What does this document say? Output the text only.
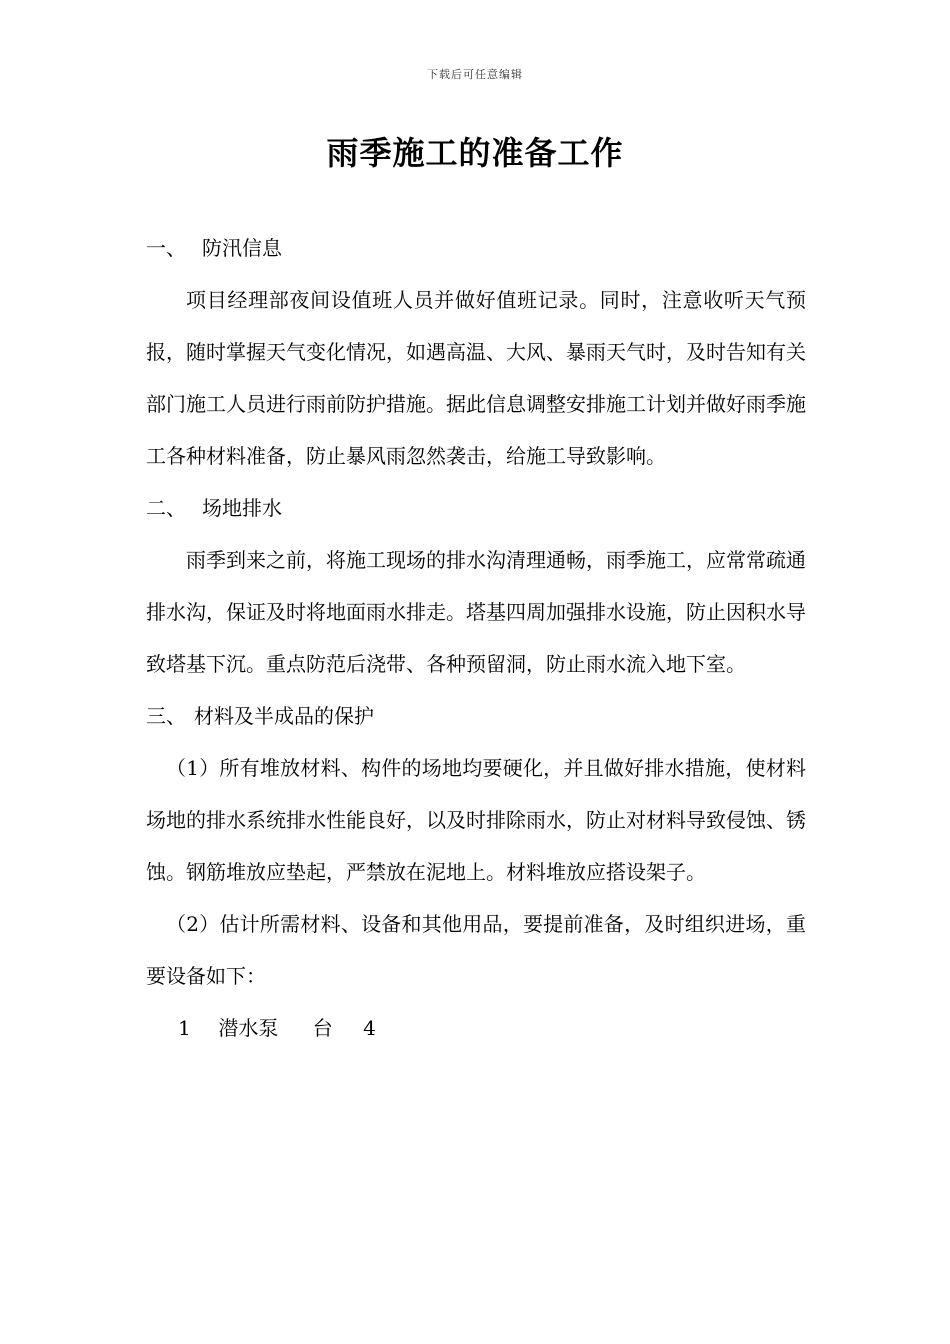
下载后可任意编辑
雨季施工的准备工作
一、 防汛信息

项目经理部夜间设值班人员并做好值班记录。同时，注意收听天气预报，随时掌握天气变化情况，如遇高温、大风、暴雨天气时，及时告知有关部门施工人员进行雨前防护措施。据此信息调整安排施工计划并做好雨季施工各种材料准备，防止暴风雨忽然袭击，给施工导致影响。

二、 场地排水

雨季到来之前，将施工现场的排水沟清理通畅，雨季施工，应常常疏通排水沟，保证及时将地面雨水排走。塔基四周加强排水设施，防止因积水导致塔基下沉。重点防范后浇带、各种预留洞，防止雨水流入地下室。

三、 材料及半成品的保护

（1）所有堆放材料、构件的场地均要硬化，并且做好排水措施，使材料场地的排水系统排水性能良好，以及时排除雨水，防止对材料导致侵蚀、锈蚀。钢筋堆放应垫起，严禁放在泥地上。材料堆放应搭设架子。

（2）估计所需材料、设备和其他用品，要提前准备，及时组织进场，重要设备如下：

1 潜水泵 台 4
